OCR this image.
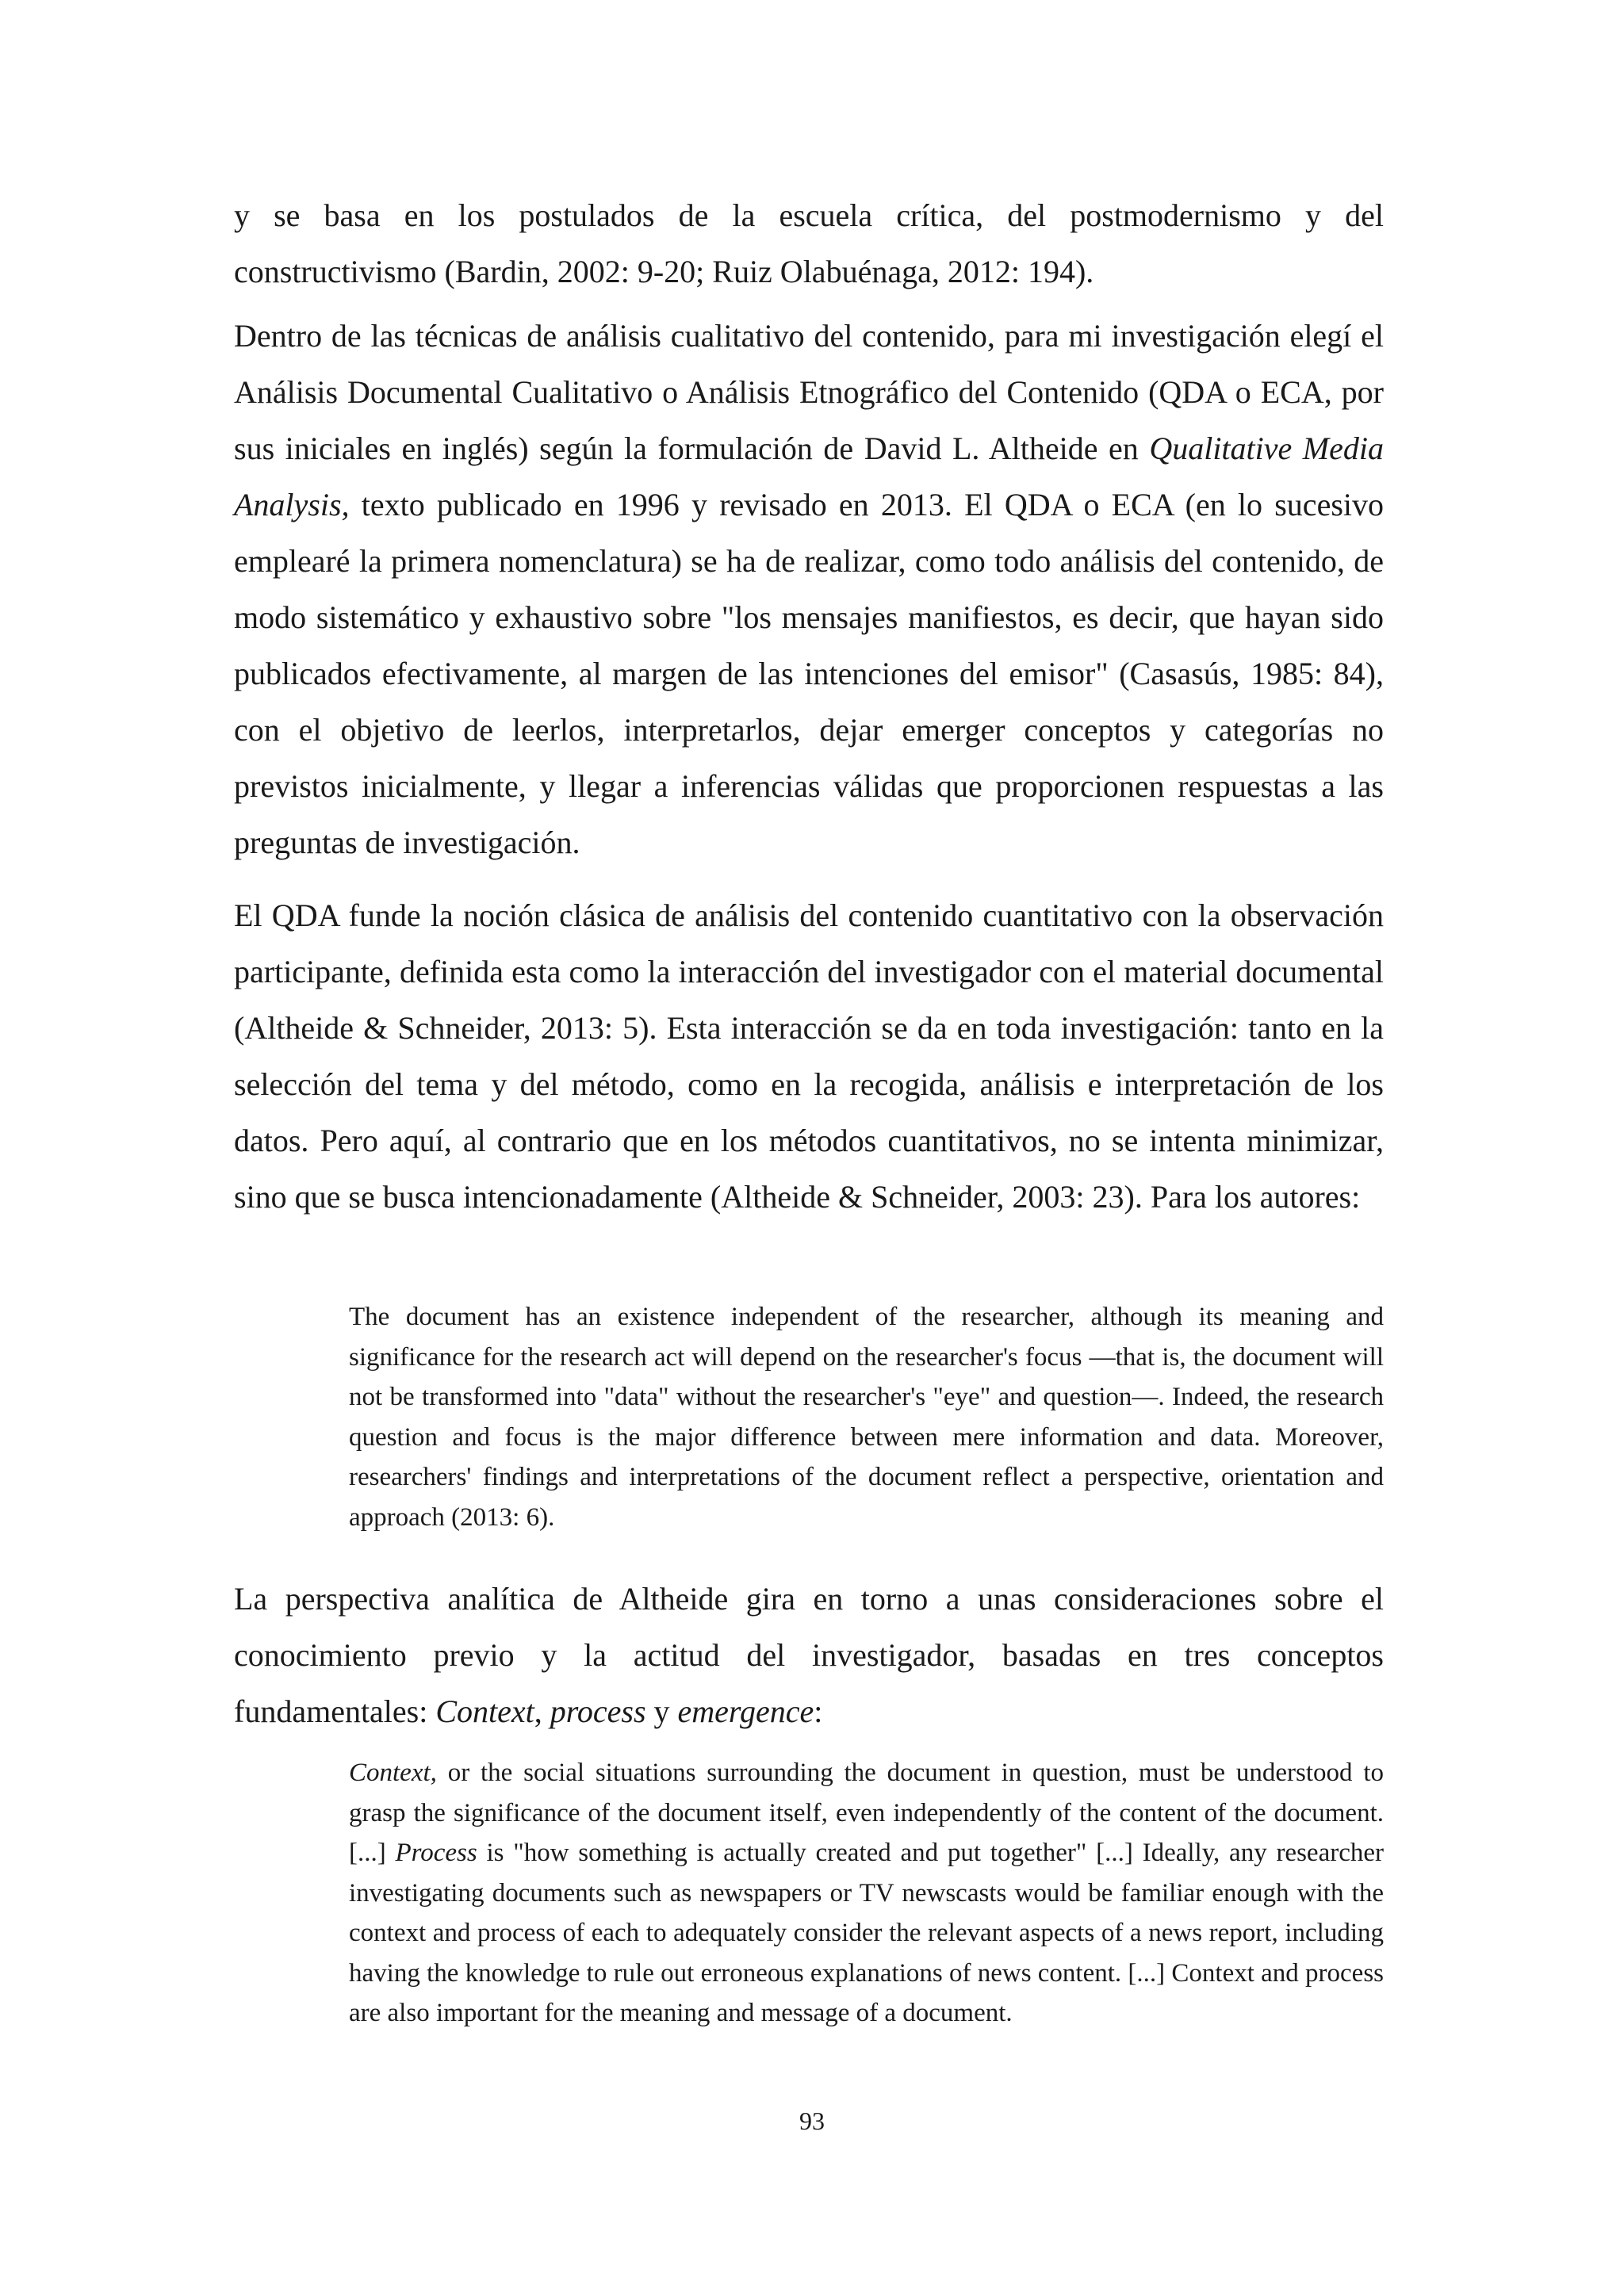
y se basa en los postulados de la escuela crítica, del postmodernismo y del constructivismo (Bardin, 2002: 9-20; Ruiz Olabuénaga, 2012: 194).

Dentro de las técnicas de análisis cualitativo del contenido, para mi investigación elegí el Análisis Documental Cualitativo o Análisis Etnográfico del Contenido (QDA o ECA, por sus iniciales en inglés) según la formulación de David L. Altheide en Qualitative Media Analysis, texto publicado en 1996 y revisado en 2013. El QDA o ECA (en lo sucesivo emplearé la primera nomenclatura) se ha de realizar, como todo análisis del contenido, de modo sistemático y exhaustivo sobre "los mensajes manifiestos, es decir, que hayan sido publicados efectivamente, al margen de las intenciones del emisor" (Casasús, 1985: 84), con el objetivo de leerlos, interpretarlos, dejar emerger conceptos y categorías no previstos inicialmente, y llegar a inferencias válidas que proporcionen respuestas a las preguntas de investigación.

El QDA funde la noción clásica de análisis del contenido cuantitativo con la observación participante, definida esta como la interacción del investigador con el material documental (Altheide & Schneider, 2013: 5). Esta interacción se da en toda investigación: tanto en la selección del tema y del método, como en la recogida, análisis e interpretación de los datos. Pero aquí, al contrario que en los métodos cuantitativos, no se intenta minimizar, sino que se busca intencionadamente (Altheide & Schneider, 2003: 23). Para los autores:

The document has an existence independent of the researcher, although its meaning and significance for the research act will depend on the researcher's focus —that is, the document will not be transformed into "data" without the researcher's "eye" and question—. Indeed, the research question and focus is the major difference between mere information and data. Moreover, researchers' findings and interpretations of the document reflect a perspective, orientation and approach (2013: 6).

La perspectiva analítica de Altheide gira en torno a unas consideraciones sobre el conocimiento previo y la actitud del investigador, basadas en tres conceptos fundamentales: Context, process y emergence:

Context, or the social situations surrounding the document in question, must be understood to grasp the significance of the document itself, even independently of the content of the document. [...] Process is "how something is actually created and put together" [...] Ideally, any researcher investigating documents such as newspapers or TV newscasts would be familiar enough with the context and process of each to adequately consider the relevant aspects of a news report, including having the knowledge to rule out erroneous explanations of news content. [...] Context and process are also important for the meaning and message of a document.

93
